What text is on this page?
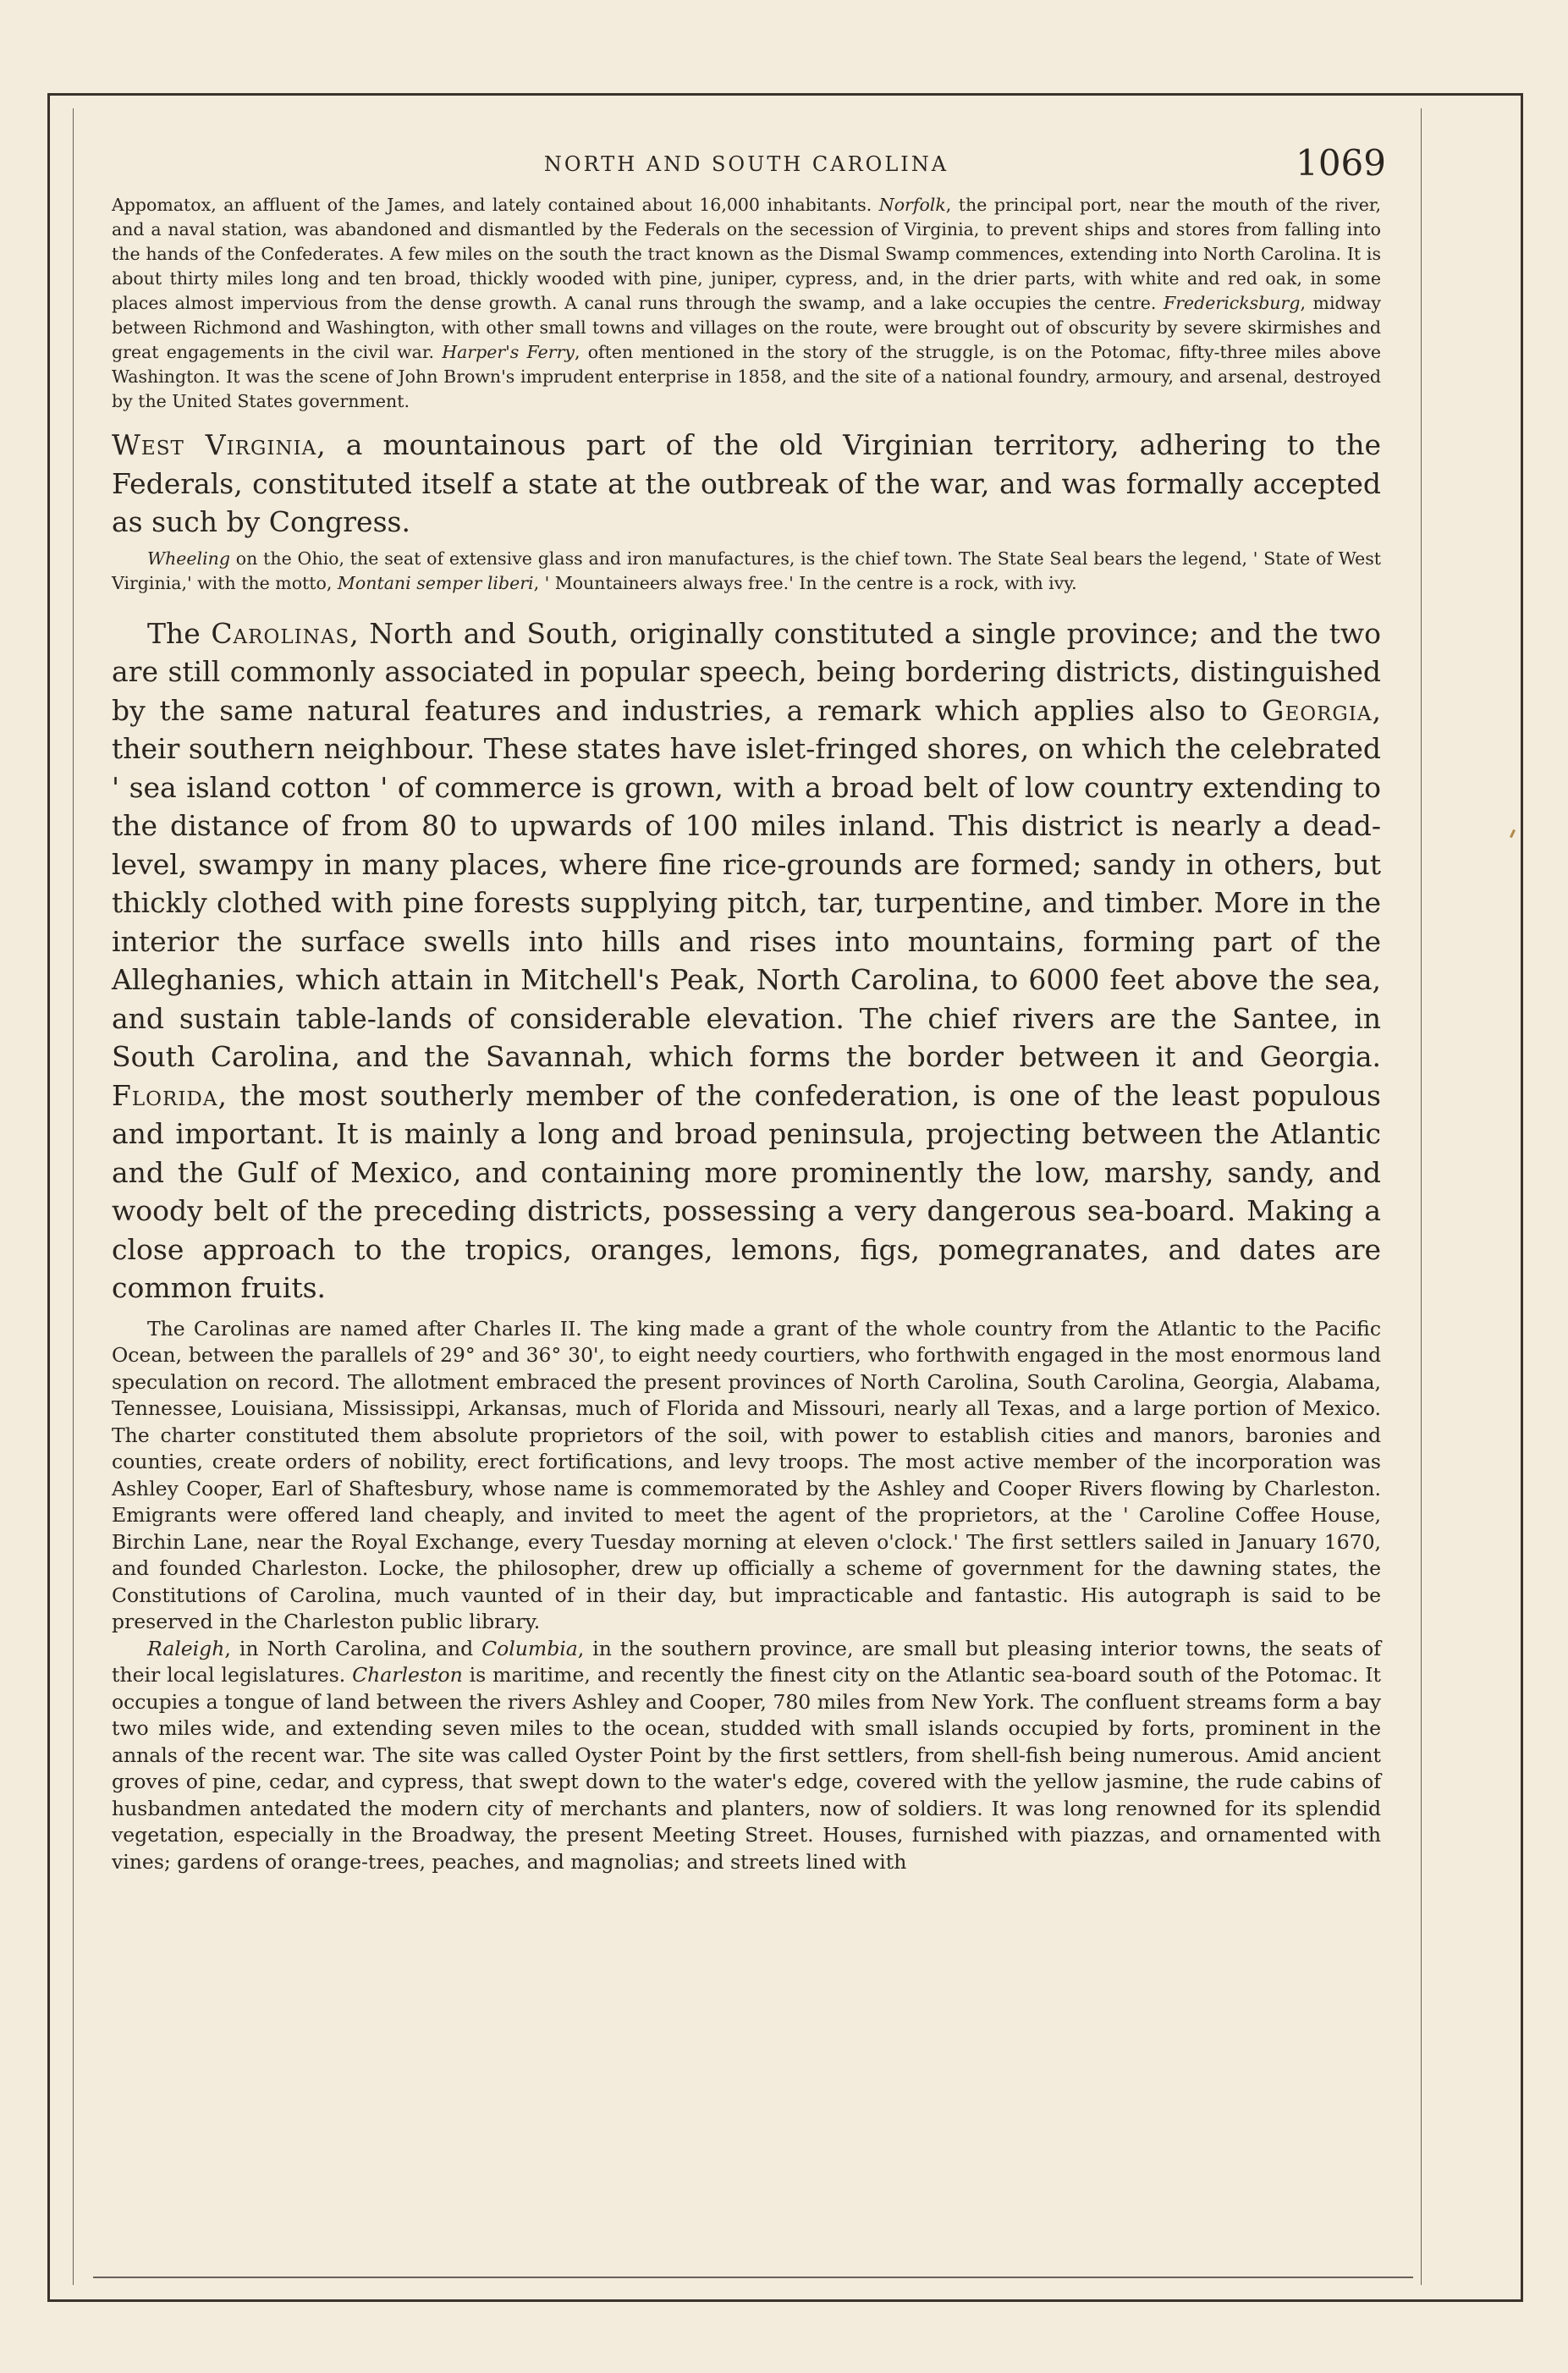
NORTH AND SOUTH CAROLINA	1069

Appomatox, an affluent of the James, and lately contained about 16,000 inhabitants. Norfolk, the principal port, near the mouth of the river, and a naval station, was abandoned and dismantled by the Federals on the secession of Virginia, to prevent ships and stores from falling into the hands of the Confederates. A few miles on the south the tract known as the Dismal Swamp commences, extending into North Carolina. It is about thirty miles long and ten broad, thickly wooded with pine, juniper, cypress, and, in the drier parts, with white and red oak, in some places almost impervious from the dense growth. A canal runs through the swamp, and a lake occupies the centre. Fredericksburg, midway between Richmond and Washington, with other small towns and villages on the route, were brought out of obscurity by severe skirmishes and great engagements in the civil war. Harper's Ferry, often mentioned in the story of the struggle, is on the Potomac, fifty-three miles above Washington. It was the scene of John Brown's imprudent enterprise in 1858, and the site of a national foundry, armoury, and arsenal, destroyed by the United States government.

West Virginia, a mountainous part of the old Virginian territory, adhering to the Federals, constituted itself a state at the outbreak of the war, and was formally accepted as such by Congress.

Wheeling on the Ohio, the seat of extensive glass and iron manufactures, is the chief town. The State Seal bears the legend, ' State of West Virginia,' with the motto, Montani semper liberi, ' Mountaineers always free.' In the centre is a rock, with ivy.

The Carolinas, North and South, originally constituted a single province; and the two are still commonly associated in popular speech, being bordering districts, distinguished by the same natural features and industries, a remark which applies also to Georgia, their southern neighbour. These states have islet-fringed shores, on which the celebrated ' sea island cotton ' of commerce is grown, with a broad belt of low country extending to the distance of from 80 to upwards of 100 miles inland. This district is nearly a dead-level, swampy in many places, where fine rice-grounds are formed; sandy in others, but thickly clothed with pine forests supplying pitch, tar, turpentine, and timber. More in the interior the surface swells into hills and rises into mountains, forming part of the Alleghanies, which attain in Mitchell's Peak, North Carolina, to 6000 feet above the sea, and sustain table-lands of considerable elevation. The chief rivers are the Santee, in South Carolina, and the Savannah, which forms the border between it and Georgia. Florida, the most southerly member of the confederation, is one of the least populous and important. It is mainly a long and broad peninsula, projecting between the Atlantic and the Gulf of Mexico, and containing more prominently the low, marshy, sandy, and woody belt of the preceding districts, possessing a very dangerous sea-board. Making a close approach to the tropics, oranges, lemons, figs, pomegranates, and dates are common fruits.

The Carolinas are named after Charles II. The king made a grant of the whole country from the Atlantic to the Pacific Ocean, between the parallels of 29° and 36° 30', to eight needy courtiers, who forthwith engaged in the most enormous land speculation on record. The allotment embraced the present provinces of North Carolina, South Carolina, Georgia, Alabama, Tennessee, Louisiana, Mississippi, Arkansas, much of Florida and Missouri, nearly all Texas, and a large portion of Mexico. The charter constituted them absolute proprietors of the soil, with power to establish cities and manors, baronies and counties, create orders of nobility, erect fortifications, and levy troops. The most active member of the incorporation was Ashley Cooper, Earl of Shaftesbury, whose name is commemorated by the Ashley and Cooper Rivers flowing by Charleston. Emigrants were offered land cheaply, and invited to meet the agent of the proprietors, at the ' Caroline Coffee House, Birchin Lane, near the Royal Exchange, every Tuesday morning at eleven o'clock.' The first settlers sailed in January 1670, and founded Charleston. Locke, the philosopher, drew up officially a scheme of government for the dawning states, the Constitutions of Carolina, much vaunted of in their day, but impracticable and fantastic. His autograph is said to be preserved in the Charleston public library.

Raleigh, in North Carolina, and Columbia, in the southern province, are small but pleasing interior towns, the seats of their local legislatures. Charleston is maritime, and recently the finest city on the Atlantic sea-board south of the Potomac. It occupies a tongue of land between the rivers Ashley and Cooper, 780 miles from New York. The confluent streams form a bay two miles wide, and extending seven miles to the ocean, studded with small islands occupied by forts, prominent in the annals of the recent war. The site was called Oyster Point by the first settlers, from shell-fish being numerous. Amid ancient groves of pine, cedar, and cypress, that swept down to the water's edge, covered with the yellow jasmine, the rude cabins of husbandmen antedated the modern city of merchants and planters, now of soldiers. It was long renowned for its splendid vegetation, especially in the Broadway, the present Meeting Street. Houses, furnished with piazzas, and ornamented with vines; gardens of orange-trees, peaches, and magnolias; and streets lined with
